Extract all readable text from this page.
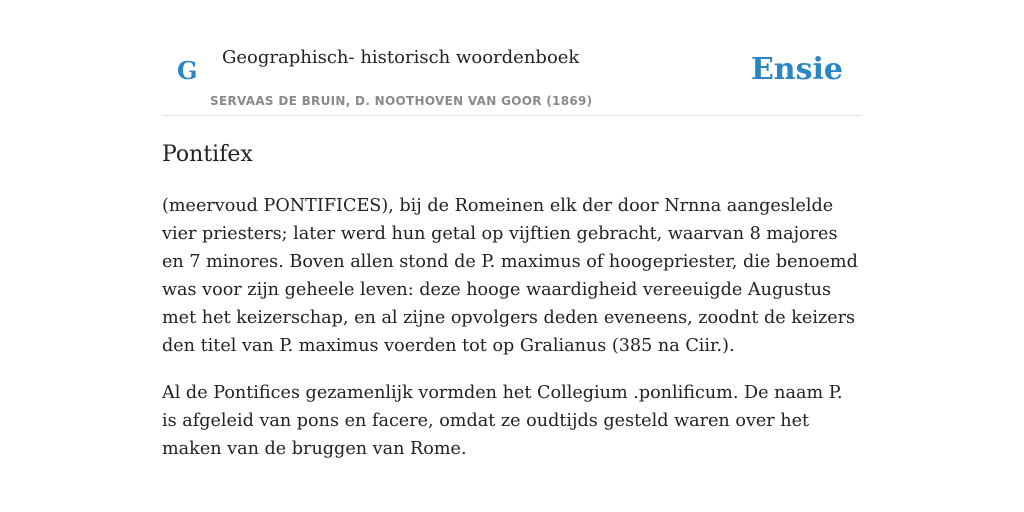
G Geographisch- historisch woordenboek
SERVAAS DE BRUIN, D. NOOTHOVEN VAN GOOR (1869)
Ensie
Pontifex

(meervoud PONTIFICES), bij de Romeinen elk der door Nrnna aangeslelde vier priesters; later werd hun getal op vijftien gebracht, waarvan 8 majores en 7 minores. Boven allen stond de P. maximus of hoogepriester, die benoemd was voor zijn geheele leven: deze hooge waardigheid vereeuigde Augustus met het keizerschap, en al zijne opvolgers deden eveneens, zoodnt de keizers den titel van P. maximus voerden tot op Gralianus (385 na Ciir.).

Al de Pontifices gezamenlijk vormden het Collegium .ponlificum. De naam P. is afgeleid van pons en facere, omdat ze oudtijds gesteld waren over het maken van de bruggen van Rome.
